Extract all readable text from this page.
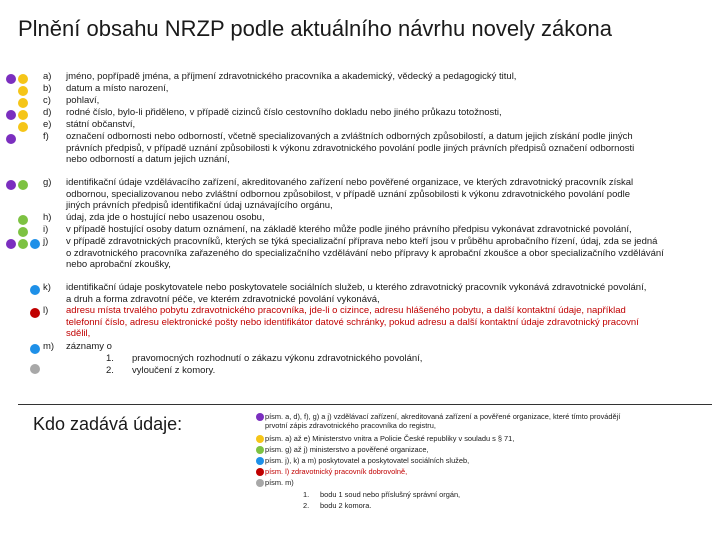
Plnění obsahu NRZP podle aktuálního návrhu novely zákona
a) jméno, popřípadě jména, a příjmení zdravotnického pracovníka a akademický, vědecký a pedagogický titul,
b) datum a místo narození,
c) pohlaví,
d) rodné číslo, bylo-li přiděleno, v případě cizinců číslo cestovního dokladu nebo jiného průkazu totožnosti,
e) státní občanství,
f) označení odbornosti nebo odborností, včetně specializovaných a zvláštních odborných způsobilostí, a datum jejich získání podle jiných
právních předpisů, v případě uznání způsobilosti k výkonu zdravotnického povolání podle jiných právních předpisů označení odbornosti
nebo odborností a datum jejich uznání,
g) identifikační údaje vzdělávacího zařízení, akreditovaného zařízení nebo pověřené organizace, ve kterých zdravotnický pracovník získal
odbornou, specializovanou nebo zvláštní odbornou způsobilost, v případě uznání způsobilosti k výkonu zdravotnického povolání podle
jiných právních předpisů identifikační údaj uznávajícího orgánu,
h) údaj, zda jde o hostující nebo usazenou osobu,
i) v případě hostující osoby datum oznámení, na základě kterého může podle jiného právního předpisu vykonávat zdravotnické povolání,
j) v případě zdravotnických pracovníků, kterých se týká specializační příprava nebo kteří jsou v průběhu aprobačního řízení, údaj, zda se jedná
o zdravotnického pracovníka zařazeného do specializačního vzdělávání nebo přípravy k aprobační zkoušce a obor specializačního vzdělávání
nebo aprobační zkoušky,
k) identifikační údaje poskytovatele nebo poskytovatele sociálních služeb, u kterého zdravotnický pracovník vykonává zdravotnické povolání,
a druh a forma zdravotní péče, ve kterém zdravotnické povolání vykonává,
l) adresu místa trvalého pobytu zdravotnického pracovníka, jde-li o cizince, adresu hlášeného pobytu, a další kontaktní údaje, například
telefonní číslo, adresu elektronické pošty nebo identifikátor datové schránky, pokud adresu a další kontaktní údaje zdravotnický pracovní
sdělil,
m) záznamy o
1. pravomocných rozhodnutí o zákazu výkonu zdravotnického povolání,
2. vyloučení z komory.
Kdo zadává údaje:	písm. a, d), f), g) a j) vzdělávací zařízení, akreditovaná zařízení a pověřené organizace, které tímto provádějí
prvotní zápis zdravotnického pracovníka do registru,
písm. a) až e) Ministerstvo vnitra a Policie České republiky v souladu s § 71,
písm. g) až j) ministerstvo a pověřené organizace,
písm. j), k) a m) poskytovatel a poskytovatel sociálních služeb,
písm. l) zdravotnický pracovník dobrovolně,
písm. m)
1. bodu 1 soud nebo příslušný správní orgán,
2. bodu 2 komora.
